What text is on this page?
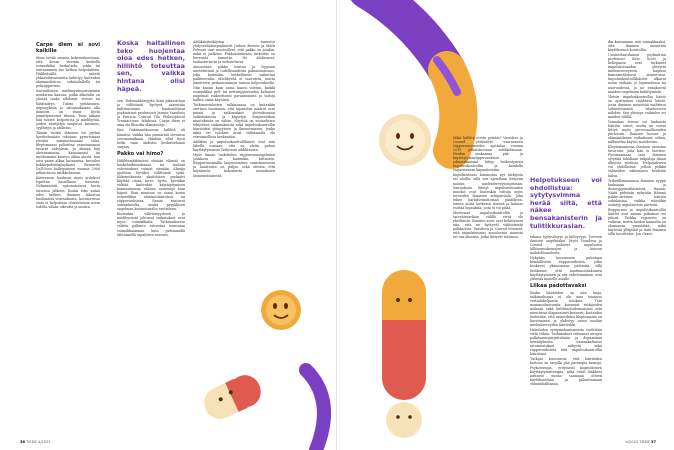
Carpe diem ei sovi kaikille

Moni tietää omasta kokemuksestaan, että kovan stressin keskellä esimerkiksi herkuttelu, sekki tai tontaaminen tuo hetken helpotuksen. Hiilihtävällä niitetä yhkaruttavaisuutta kehittyy kuitenkin ahmimishöiros, sekstailullellä tai peliriippuvuus.

Sairaalloisen mielitnyvmuurtuminen noudattaa kaavaa, jonka alkutulta on yhessä taaka alhdsnut, stressi tai hätätaiteys. Tuleni yyttäminen, nüpisyyksiin ja näivpuuksiaan alla ihminen on ensin hyvin jännittymeessä tilassa. Teon aikana hän tuntee helpotusta ja mielihyvää, joiden väistyttyä saapuvat katumus, syyllisyys ja ahdistus.

Tämän vuoksi ihminen voi pyrkiä hyvittelemään tekoaan: pyrorismaat rientää sammuttaasaan valoi, kleptomaani palauttaa varastamansa tavarat väävyksin, ja ahmija käy oksentamassa. Keinoimaisi tai myöhemmin kierros alkaa alusta, kun uusi paine alkaa kasaantua, kuvailee kokkiepidemiapsykiatri Bernardo Dell'Osso kollegoineen vuonna 2006 julkaistussa artikkelissaan.

Kieteeseen kuuluvat myös yritykset lopettaa haitallinen toiminta. Nekaranevät epäonnistuvat kerta toisensa jälkeen. Koska teko antaa edes hetken, ihminen takertuu huolimatta seurauksista, kovatorrosio enää ei helpottaisi olosuhteisiin usein todella vähän oikeutta ja muista.

Koska haitallinen teko huojentaa oloa edes hetken, hiilihtö toteuttaa sen, vaikka hintana olisi häpeä.

sen. Todennäköisyyttä lisää pikavoittoja ja välittömät hyötyvä saavuttaa kulttuurimme, huomauttavat psykiatriset professorit Jasmin Vassileva ja Patricia Conrod The Philosophical Transactions -lehdessä. Carpe diem ei aina ole filosofia elämänohje.

Kun Onkimuutkosessa hiilihtä oli lainattu, vaikka hän ymmärtää olevansa sovinnonaikaan. Hänhän ollut hyvä hetki vaan ahdistui herkutteluaan sarjaan.

Pakko vai himo?

Hiilihtemättömästi eletään elämää on laiskeharkinnitetaan tai trahnät vahvistukset voimat vienään. Ahmija ajoittain hyväksi välittömiä syitä. Kokemuksesta yksittäinen psykiatri käyttää omaa tarve, hyvin, hyvinkin välttää kuitenkin käyttäytymisen kannustimena välinen suurempi kuin häpeä. Ihan muutoin on sama kuten esimerkiksi ahmimishäiriössä tai riippuvuuksissa. Samat tuntuvat samanlaisilta, mutta psyykkisen ongelman kuvaustavalta erotteleen.

Kuitenkin välittömyydestä ja mielihyvästä johtuvat vaikutukset ovat myös voimakkaita. Tutkimuksessa välitön palkinto vahvistaa toimintaa voimakkaammin kuin pidemmällä tähtäimellä tapahtuva seuraus.

Addiktioitutkijoina tunnetut yhdysvaltalaispsykiatrit Judson Brewer ja Mark Potenza ovat muotoilleet, että pakko on jotakin, mikä ei palkitse. Pakkotoiminnan tarkoitus on lieventää tunnetta. Ne ahdistavat, tuskastuttavat ja turhauttavat.

Ainoastaan pakko toistuu ja loppuun mietittävänä ja todellisuudessa pakonomaisuus, joka kuitenkin hetkellisesti vaikuttaa palkitsevalta. Mielihyvää ei saavuteta, mutta jännitteen purkautuminen tuntuu helpotukselta. Niin kauan kuin sama kaava toistuu, kaikki esimerkiksi peli- tai nettiriippuvuuden kaltaiset ongelmat vaikeuttavat parantumista ja taitoja hallita omaa käytöstä.

Tutkimustulosten tulkinnassa on kuitenkin otettava huomioon, että tapausten määrät ovat pieniä ja tutkimukset yhteiskunnan vaikutuksesta ja käytetyn diagnostiikan muutoksista on vähän. Näyttöä on sosiaalisten tekijöiden vaikutuksesta sekä impulssikontrollin häiriöiden yleisyyteen ja ilmenemiseen, jonka takia eri tulokset eivät välttämättä ole verrannollisia keskenään.

Addiktio ja impulssikontrollihäiriö ovat niin lähellä toisiaan, että on alettu puhua käyttäytymiseen liittyvistä addiktioista.

Myös tämän luokittelun riippuvuusongelmien joukkoon on kuitenkin kritisoitu. Riippuvuusmallin laajentamisen onnistumisesta ja haasteista on paljon sekä ideoita että käytännön kokemusta sairauksien täsmentämisestä.

36 TIEDE 4/2023

Mikä hiilihtä otettu pettäät? Vassileva ja Conrod yhdistävät vaaranneen riippuvuusoireiden ajattalua vuonna 2019 julkaistussaan artikkelissaan. Heidän mukaansa pää- ja käyttäytymisriippuvuuksien ydinmekanismi liittyy heikentyneen impulssikontrollin ja kaudalla varjaistavaan kapasiteettiin.

Impulsiivisuus kiinnostaa nyt tutkijoita eri aloilla, sillä sen ajatellaan liittyvän moniin mielenterveysongelmiin. Sairauksiin liitetyt impulsiivisuuden muodot ovat kuitenkin tuttuja myös terveiden ihmisten arkipäivästä. Joku tekee harkitsemattoman päätöksen, toinen nolaa hetkessä itsensä ja kolmas esittää lupauksia, joita ei voi pitää.

Murtumat impulssikontrollin ja tarvehierarkian välillä eivät ole yksittäisiä. Ihmisen aivot ovat kehittyneet niin, että ne hyötyvät välittömistä palkkioista. Vassileva ja Conrod toteavat, että impulsiivisuus muodostuu monista eri osa-alueista, jotka liittyvät toisiinsa.

Helpotukseen voi ehdollistua: sytytysvimma herää siitä, että näkee bensakanisterin ja tulitikkurasian.

takana tyytyväisyys ja kiihtyvyys. Terveen ihmisen ongelmaksi. Myös Vassileva ja Conrod puhuvat impulssien hillitsemiskeinojen ja kasvun mahdollisuudesta.

Nykyään harvemmin puhutaan kemiallisista riippuvuuksista, jotka koskevat yksinomaan päihteitä, sillä tiedämme, että nautinnonhakuinen käyttäytyminen ja sen vahvistuminen ovat yhteisiä monelle asialle.

Liikaa padottavaksi

Koska häiriöiden on niin laaja, tutkimuksissa ei ole aina toisiinsa vertailukelpoisia tuloksia. Tätä monimutkaisuutta kuvaavat tutkijoiden mukaan sekä kulttuurisidonnaisuus että muuttuvat diagnostiset kriteerit. Kuitenkin tiedetään, että esimerkiksi kleptomania on harvinainen ja yhdistyy usein muihin mielenterveyden häiriöihin.

Häiriöiden syntymekanismeista tiedetään vielä vähän. Tutkimukset viittaavat aivojen palkitsemisjärjestelmän ja dopamiinin merkitykseen. Samankaltaiset aivomuutokset näkyvät sekä riippuvuuksissa että impulssikontrollin häiriöissä.

Tutkijat korostavat, että häiriöiden hoitoon on tarjolla yhä parempia keinoja. Psykoterapia, erityisesti kognitiivinen käyttäytymisterapia, sekä eräät lääkkeet auttavat monia saamaan otteen käytöksestään ja palauttamaan elämänhallinnan.

din kasvamaan niin voimakkaaksi, että ihminen menettää käytöksensä kontrollin.

Uusiseelantilainen psykiatrian professori Kate Scott ja kollegansa ovat tutkineet impulsiivisuuden yhteyttä mielenterveyteen laajassa kansainvälisessä aineistossa. Impulssikontrollihäiriöt alkavat usein varhain, jo lapsuudessa tai nuoruudessa, ja ne ennakoivat muiden ongelmien kehittymistä.

Yleisin impulssikontrollin häiriö on ajoittainen räjähtävä häiriö, jossa ihminen menettää malttinsa suhteettomasti tilanteeseen nähden. Sen yleisyys vaihtelee eri maiden välillä.

Voimakas stressi voi laukaista häiriön oireet, mutta ne voivat liittyä myös persoonallisuuden piirteisiin. Ihmisen luonne ja elämäntilanne vaikuttavat siihen, millaiseksi käytös muodostuu.

Kleptomaniassa ihminen varastaa tavaroita, joita hän ei tarvitse. Pyromaniassa taas ihminen sytyttää tahallaan tulipaloja ilman ulkoista motiivia. Helpotukseen voi ehdollistua, jolloin pelkkä välineiden näkeminen herättää halun.

Trikotillomaniassa ihminen nyppii hiuksiaan ja ihonnyppimishäiriössä ihoaan. Näitä pidetään nykyään lähinnä pakko-oireisen häiriön sukulaisina, vaikka niissäkin esiintyy impulsiivisia piirteitä.

Riippuvuus ja impulssikontrollin häiriöt ovat saman jatkumon eri päissä. Tarkka rajanveto on vaikeaa, mutta hoidon kannalta on olennaista ymmärtää, mikä käytöstä ylläpitää ja mitä ihminen sillä tavoittelee. Jon Grant.

4/2023 TIEDE 37
